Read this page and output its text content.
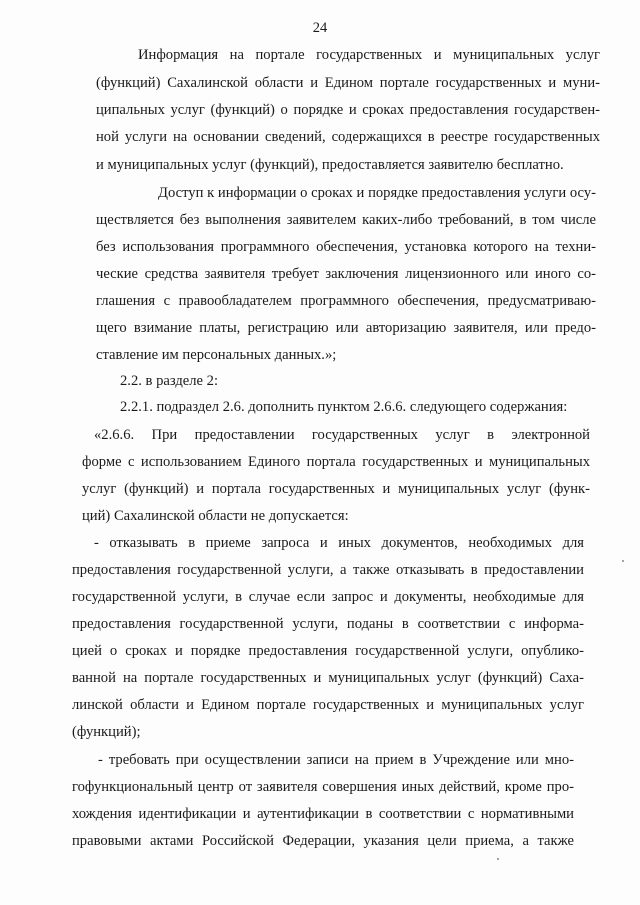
24
Информация на портале государственных и муниципальных услуг
(функций) Сахалинской области и Едином портале государственных и муни-
ципальных услуг (функций) о порядке и сроках предоставления государствен-
ной услуги на основании сведений, содержащихся в реестре государственных
и муниципальных услуг (функций), предоставляется заявителю бесплатно.
Доступ к информации о сроках и порядке предоставления услуги осу-
ществляется без выполнения заявителем каких-либо требований, в том числе
без использования программного обеспечения, установка которого на техни-
ческие средства заявителя требует заключения лицензионного или иного со-
глашения с правообладателем программного обеспечения, предусматриваю-
щего взимание платы, регистрацию или авторизацию заявителя, или предо-
ставление им персональных данных.»;
2.2. в разделе 2:
2.2.1. подраздел 2.6. дополнить пунктом 2.6.6. следующего содержания:
«2.6.6. При предоставлении государственных услуг в электронной
форме с использованием Единого портала государственных и муниципальных
услуг (функций) и портала государственных и муниципальных услуг (функ-
ций) Сахалинской области не допускается:
- отказывать в приеме запроса и иных документов, необходимых для
предоставления государственной услуги, а также отказывать в предоставлении
государственной услуги, в случае если запрос и документы, необходимые для
предоставления государственной услуги, поданы в соответствии с информа-
цией о сроках и порядке предоставления государственной услуги, опублико-
ванной на портале государственных и муниципальных услуг (функций) Саха-
линской области и Едином портале государственных и муниципальных услуг
(функций);
- требовать при осуществлении записи на прием в Учреждение или мно-
гофункциональный центр от заявителя совершения иных действий, кроме про-
хождения идентификации и аутентификации в соответствии с нормативными
правовыми актами Российской Федерации, указания цели приема, а также
